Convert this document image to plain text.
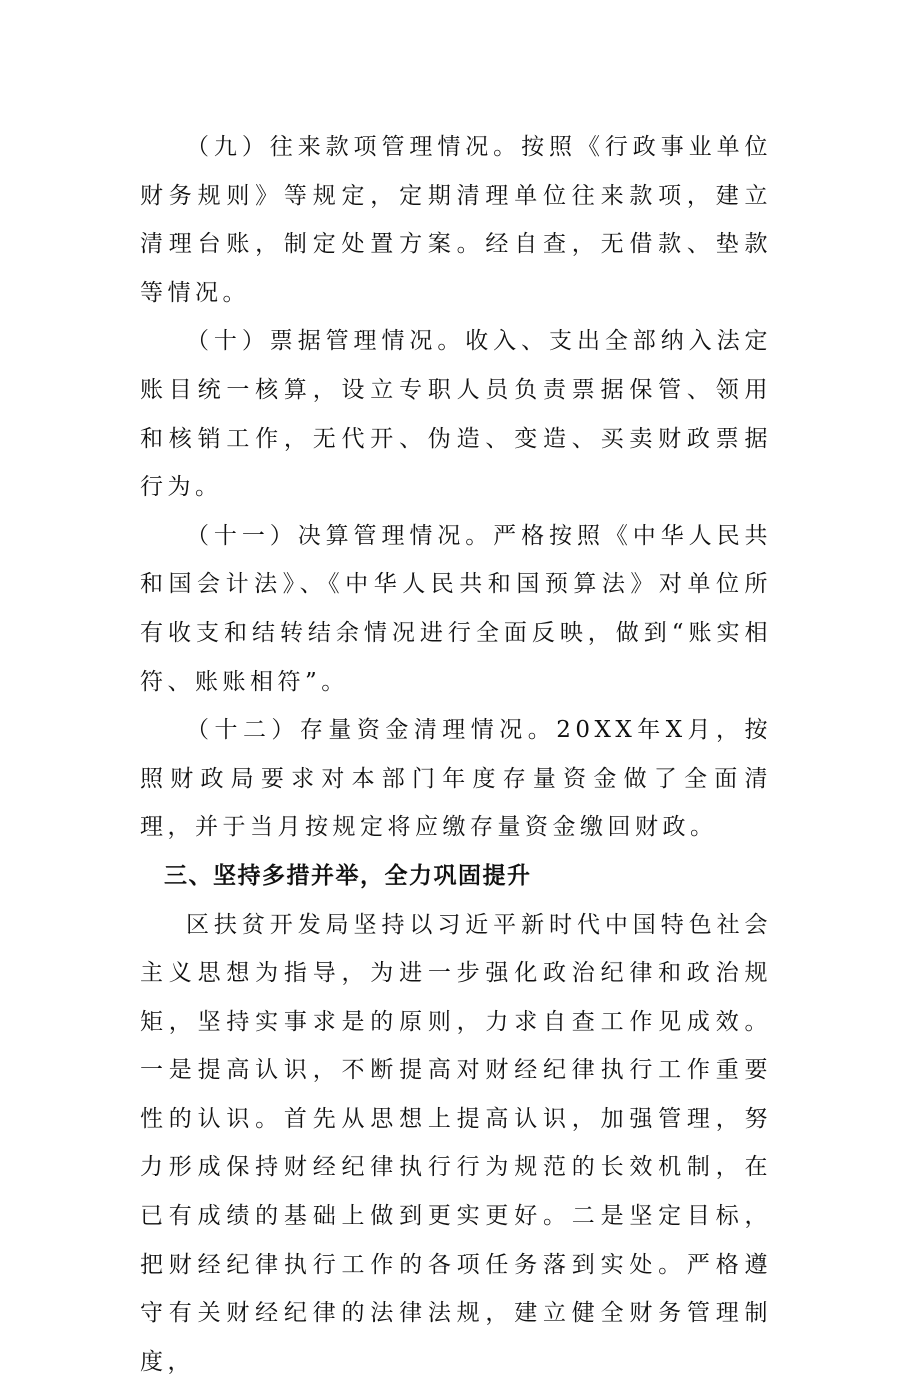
（九）往来款项管理情况。按照《行政事业单位财务规则》等规定，定期清理单位往来款项，建立清理台账，制定处置方案。经自查，无借款、垫款等情况。

（十）票据管理情况。收入、支出全部纳入法定账目统一核算，设立专职人员负责票据保管、领用和核销工作，无代开、伪造、变造、买卖财政票据行为。

（十一）决算管理情况。严格按照《中华人民共和国会计法》、《中华人民共和国预算法》对单位所有收支和结转结余情况进行全面反映，做到“账实相符、账账相符”。

（十二）存量资金清理情况。20XX年X月，按照财政局要求对本部门年度存量资金做了全面清理，并于当月按规定将应缴存量资金缴回财政。

三、坚持多措并举，全力巩固提升

区扶贫开发局坚持以习近平新时代中国特色社会主义思想为指导，为进一步强化政治纪律和政治规矩，坚持实事求是的原则，力求自查工作见成效。一是提高认识，不断提高对财经纪律执行工作重要性的认识。首先从思想上提高认识，加强管理，努力形成保持财经纪律执行行为规范的长效机制，在已有成绩的基础上做到更实更好。二是坚定目标，把财经纪律执行工作的各项任务落到实处。严格遵守有关财经纪律的法律法规，建立健全财务管理制度，
